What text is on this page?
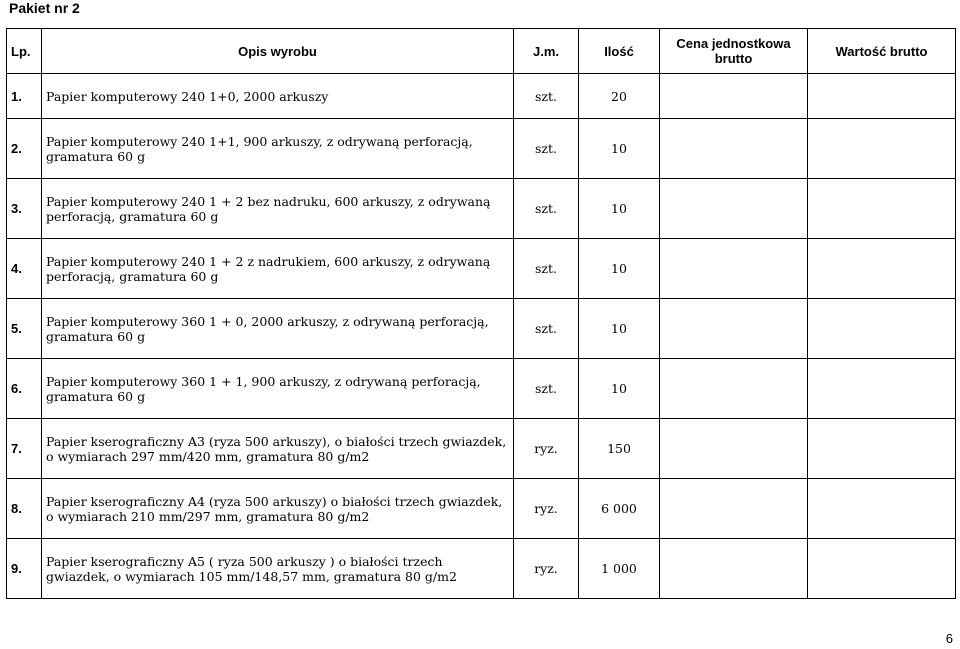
Pakiet nr 2
Lp.	Opis wyrobu	J.m.	Ilość	Cena jednostkowa brutto	Wartość brutto
1.	Papier komputerowy 240 1+0, 2000 arkuszy	szt.	20		
2.	Papier komputerowy 240 1+1, 900 arkuszy, z odrywaną perforacją, gramatura 60 g	szt.	10		
3.	Papier komputerowy 240 1 + 2 bez nadruku, 600 arkuszy, z odrywaną perforacją, gramatura 60 g	szt.	10		
4.	Papier komputerowy 240 1 + 2 z nadrukiem, 600 arkuszy, z odrywaną perforacją, gramatura 60 g	szt.	10		
5.	Papier komputerowy 360 1 + 0, 2000 arkuszy, z odrywaną perforacją, gramatura 60 g	szt.	10		
6.	Papier komputerowy 360 1 + 1, 900 arkuszy, z odrywaną perforacją, gramatura 60 g	szt.	10		
7.	Papier kserograficzny A3 (ryza 500 arkuszy), o białości trzech gwiazdek, o wymiarach 297 mm/420 mm, gramatura 80 g/m2	ryz.	150		
8.	Papier kserograficzny A4 (ryza 500 arkuszy) o białości trzech gwiazdek, o wymiarach 210 mm/297 mm, gramatura 80 g/m2	ryz.	6 000		
9.	Papier kserograficzny A5 ( ryza 500 arkuszy ) o białości trzech gwiazdek, o wymiarach 105 mm/148,57 mm, gramatura 80 g/m2	ryz.	1 000		
6
